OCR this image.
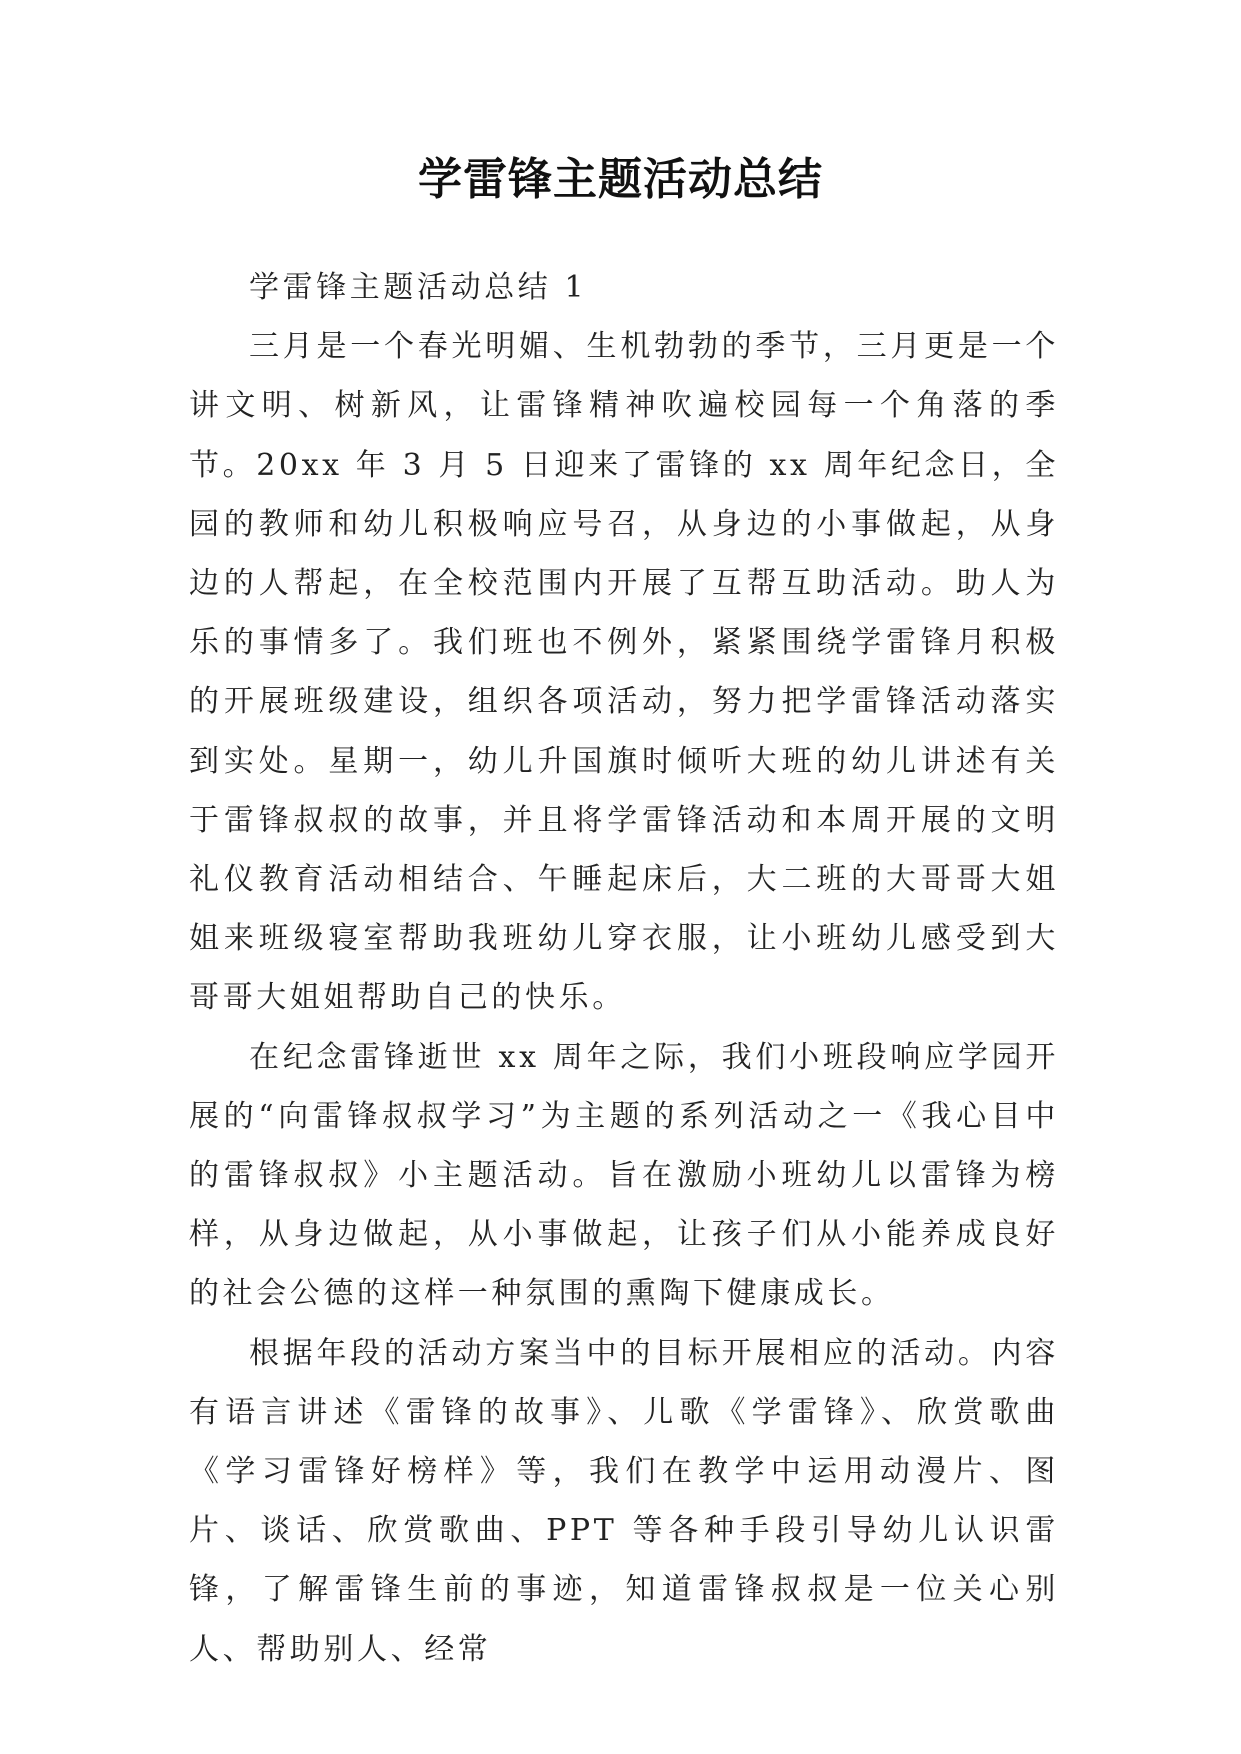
学雷锋主题活动总结

学雷锋主题活动总结 1

三月是一个春光明媚、生机勃勃的季节，三月更是一个讲文明、树新风，让雷锋精神吹遍校园每一个角落的季节。20xx 年 3 月 5 日迎来了雷锋的 xx 周年纪念日，全园的教师和幼儿积极响应号召，从身边的小事做起，从身边的人帮起，在全校范围内开展了互帮互助活动。助人为乐的事情多了。我们班也不例外，紧紧围绕学雷锋月积极的开展班级建设，组织各项活动，努力把学雷锋活动落实到实处。星期一，幼儿升国旗时倾听大班的幼儿讲述有关于雷锋叔叔的故事，并且将学雷锋活动和本周开展的文明礼仪教育活动相结合、午睡起床后，大二班的大哥哥大姐姐来班级寝室帮助我班幼儿穿衣服，让小班幼儿感受到大哥哥大姐姐帮助自己的快乐。

在纪念雷锋逝世 xx 周年之际，我们小班段响应学园开展的“向雷锋叔叔学习”为主题的系列活动之一《我心目中的雷锋叔叔》小主题活动。旨在激励小班幼儿以雷锋为榜样，从身边做起，从小事做起，让孩子们从小能养成良好的社会公德的这样一种氛围的熏陶下健康成长。

根据年段的活动方案当中的目标开展相应的活动。内容有语言讲述《雷锋的故事》、儿歌《学雷锋》、欣赏歌曲《学习雷锋好榜样》等，我们在教学中运用动漫片、图片、谈话、欣赏歌曲、PPT 等各种手段引导幼儿认识雷锋，了解雷锋生前的事迹，知道雷锋叔叔是一位关心别人、帮助别人、经常
